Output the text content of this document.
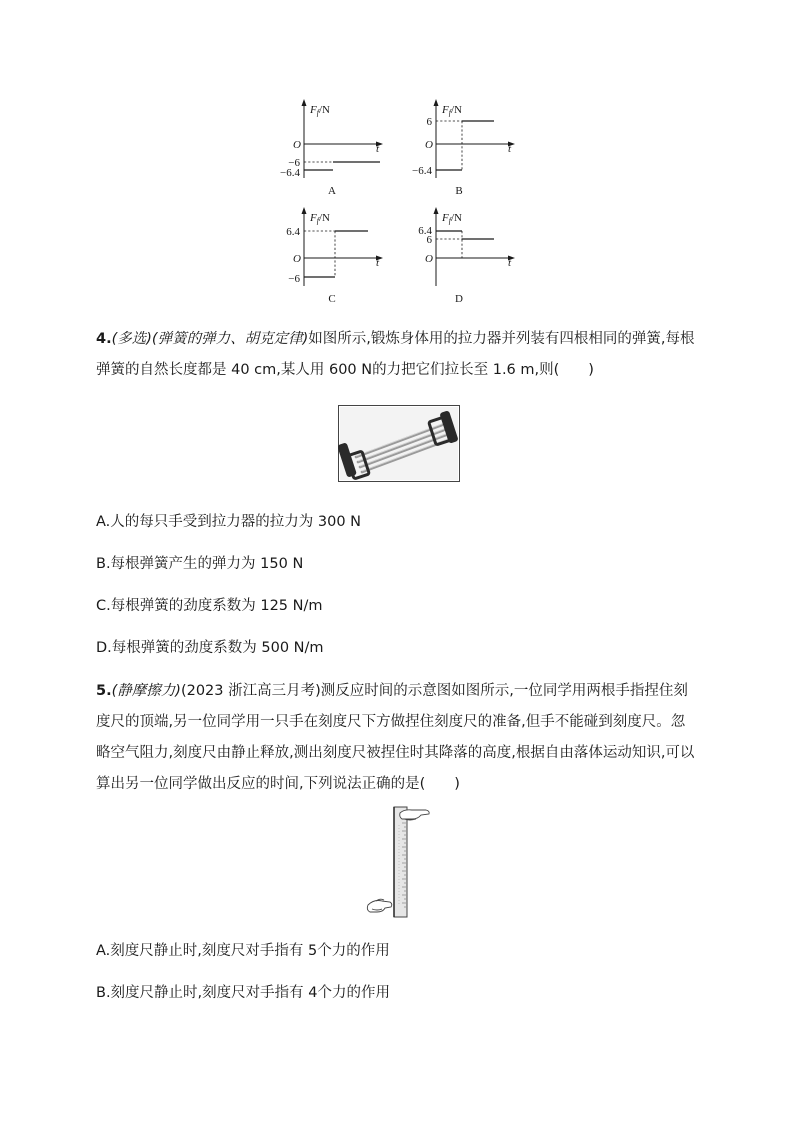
Ff/N
O	t
−6
−6.4
A
Ff/N
O	t
6
−6.4
B
Ff/N
O	t
6.4
−6
C
Ff/N
O	t
6.4
6
D

4.(多选)(弹簧的弹力、胡克定律)如图所示,锻炼身体用的拉力器并列装有四根相同的弹簧,每根弹簧的自然长度都是 40 cm,某人用 600 N的力把它们拉长至 1.6 m,则(　　)

A.人的每只手受到拉力器的拉力为 300 N

B.每根弹簧产生的弹力为 150 N

C.每根弹簧的劲度系数为 125 N/m

D.每根弹簧的劲度系数为 500 N/m

5.(静摩擦力)(2023 浙江高三月考)测反应时间的示意图如图所示,一位同学用两根手指捏住刻度尺的顶端,另一位同学用一只手在刻度尺下方做捏住刻度尺的准备,但手不能碰到刻度尺。忽略空气阻力,刻度尺由静止释放,测出刻度尺被捏住时其降落的高度,根据自由落体运动知识,可以算出另一位同学做出反应的时间,下列说法正确的是(　　)

A.刻度尺静止时,刻度尺对手指有 5个力的作用

B.刻度尺静止时,刻度尺对手指有 4个力的作用
